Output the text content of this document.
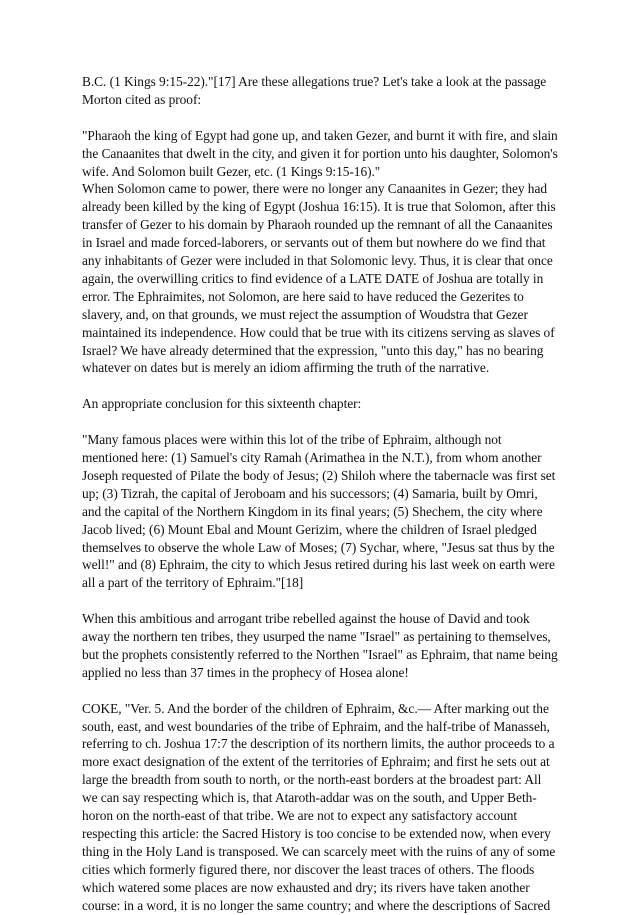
B.C. (1 Kings 9:15-22)."[17] Are these allegations true? Let's take a look at the passage
Morton cited as proof:

"Pharaoh the king of Egypt had gone up, and taken Gezer, and burnt it with fire, and slain
the Canaanites that dwelt in the city, and given it for portion unto his daughter, Solomon's
wife. And Solomon built Gezer, etc. (1 Kings 9:15-16)."

When Solomon came to power, there were no longer any Canaanites in Gezer; they had
already been killed by the king of Egypt (Joshua 16:15). It is true that Solomon, after this
transfer of Gezer to his domain by Pharaoh rounded up the remnant of all the Canaanites
in Israel and made forced-laborers, or servants out of them but nowhere do we find that
any inhabitants of Gezer were included in that Solomonic levy. Thus, it is clear that once
again, the overwilling critics to find evidence of a LATE DATE of Joshua are totally in
error. The Ephraimites, not Solomon, are here said to have reduced the Gezerites to
slavery, and, on that grounds, we must reject the assumption of Woudstra that Gezer
maintained its independence. How could that be true with its citizens serving as slaves of
Israel? We have already determined that the expression, "unto this day," has no bearing
whatever on dates but is merely an idiom affirming the truth of the narrative.

An appropriate conclusion for this sixteenth chapter:

"Many famous places were within this lot of the tribe of Ephraim, although not
mentioned here: (1) Samuel's city Ramah (Arimathea in the N.T.), from whom another
Joseph requested of Pilate the body of Jesus; (2) Shiloh where the tabernacle was first set
up; (3) Tizrah, the capital of Jeroboam and his successors; (4) Samaria, built by Omri,
and the capital of the Northern Kingdom in its final years; (5) Shechem, the city where
Jacob lived; (6) Mount Ebal and Mount Gerizim, where the children of Israel pledged
themselves to observe the whole Law of Moses; (7) Sychar, where, "Jesus sat thus by the
well!" and (8) Ephraim, the city to which Jesus retired during his last week on earth were
all a part of the territory of Ephraim."[18]

When this ambitious and arrogant tribe rebelled against the house of David and took
away the northern ten tribes, they usurped the name "Israel" as pertaining to themselves,
but the prophets consistently referred to the Northen "Israel" as Ephraim, that name being
applied no less than 37 times in the prophecy of Hosea alone!

COKE, "Ver. 5. And the border of the children of Ephraim, &c.— After marking out the
south, east, and west boundaries of the tribe of Ephraim, and the half-tribe of Manasseh,
referring to ch. Joshua 17:7 the description of its northern limits, the author proceeds to a
more exact designation of the extent of the territories of Ephraim; and first he sets out at
large the breadth from south to north, or the north-east borders at the broadest part: All
we can say respecting which is, that Ataroth-addar was on the south, and Upper Beth-
horon on the north-east of that tribe. We are not to expect any satisfactory account
respecting this article: the Sacred History is too concise to be extended now, when every
thing in the Holy Land is transposed. We can scarcely meet with the ruins of any of some
cities which formerly figured there, nor discover the least traces of others. The floods
which watered some places are now exhausted and dry; its rivers have taken another
course: in a word, it is no longer the same country; and where the descriptions of Sacred
